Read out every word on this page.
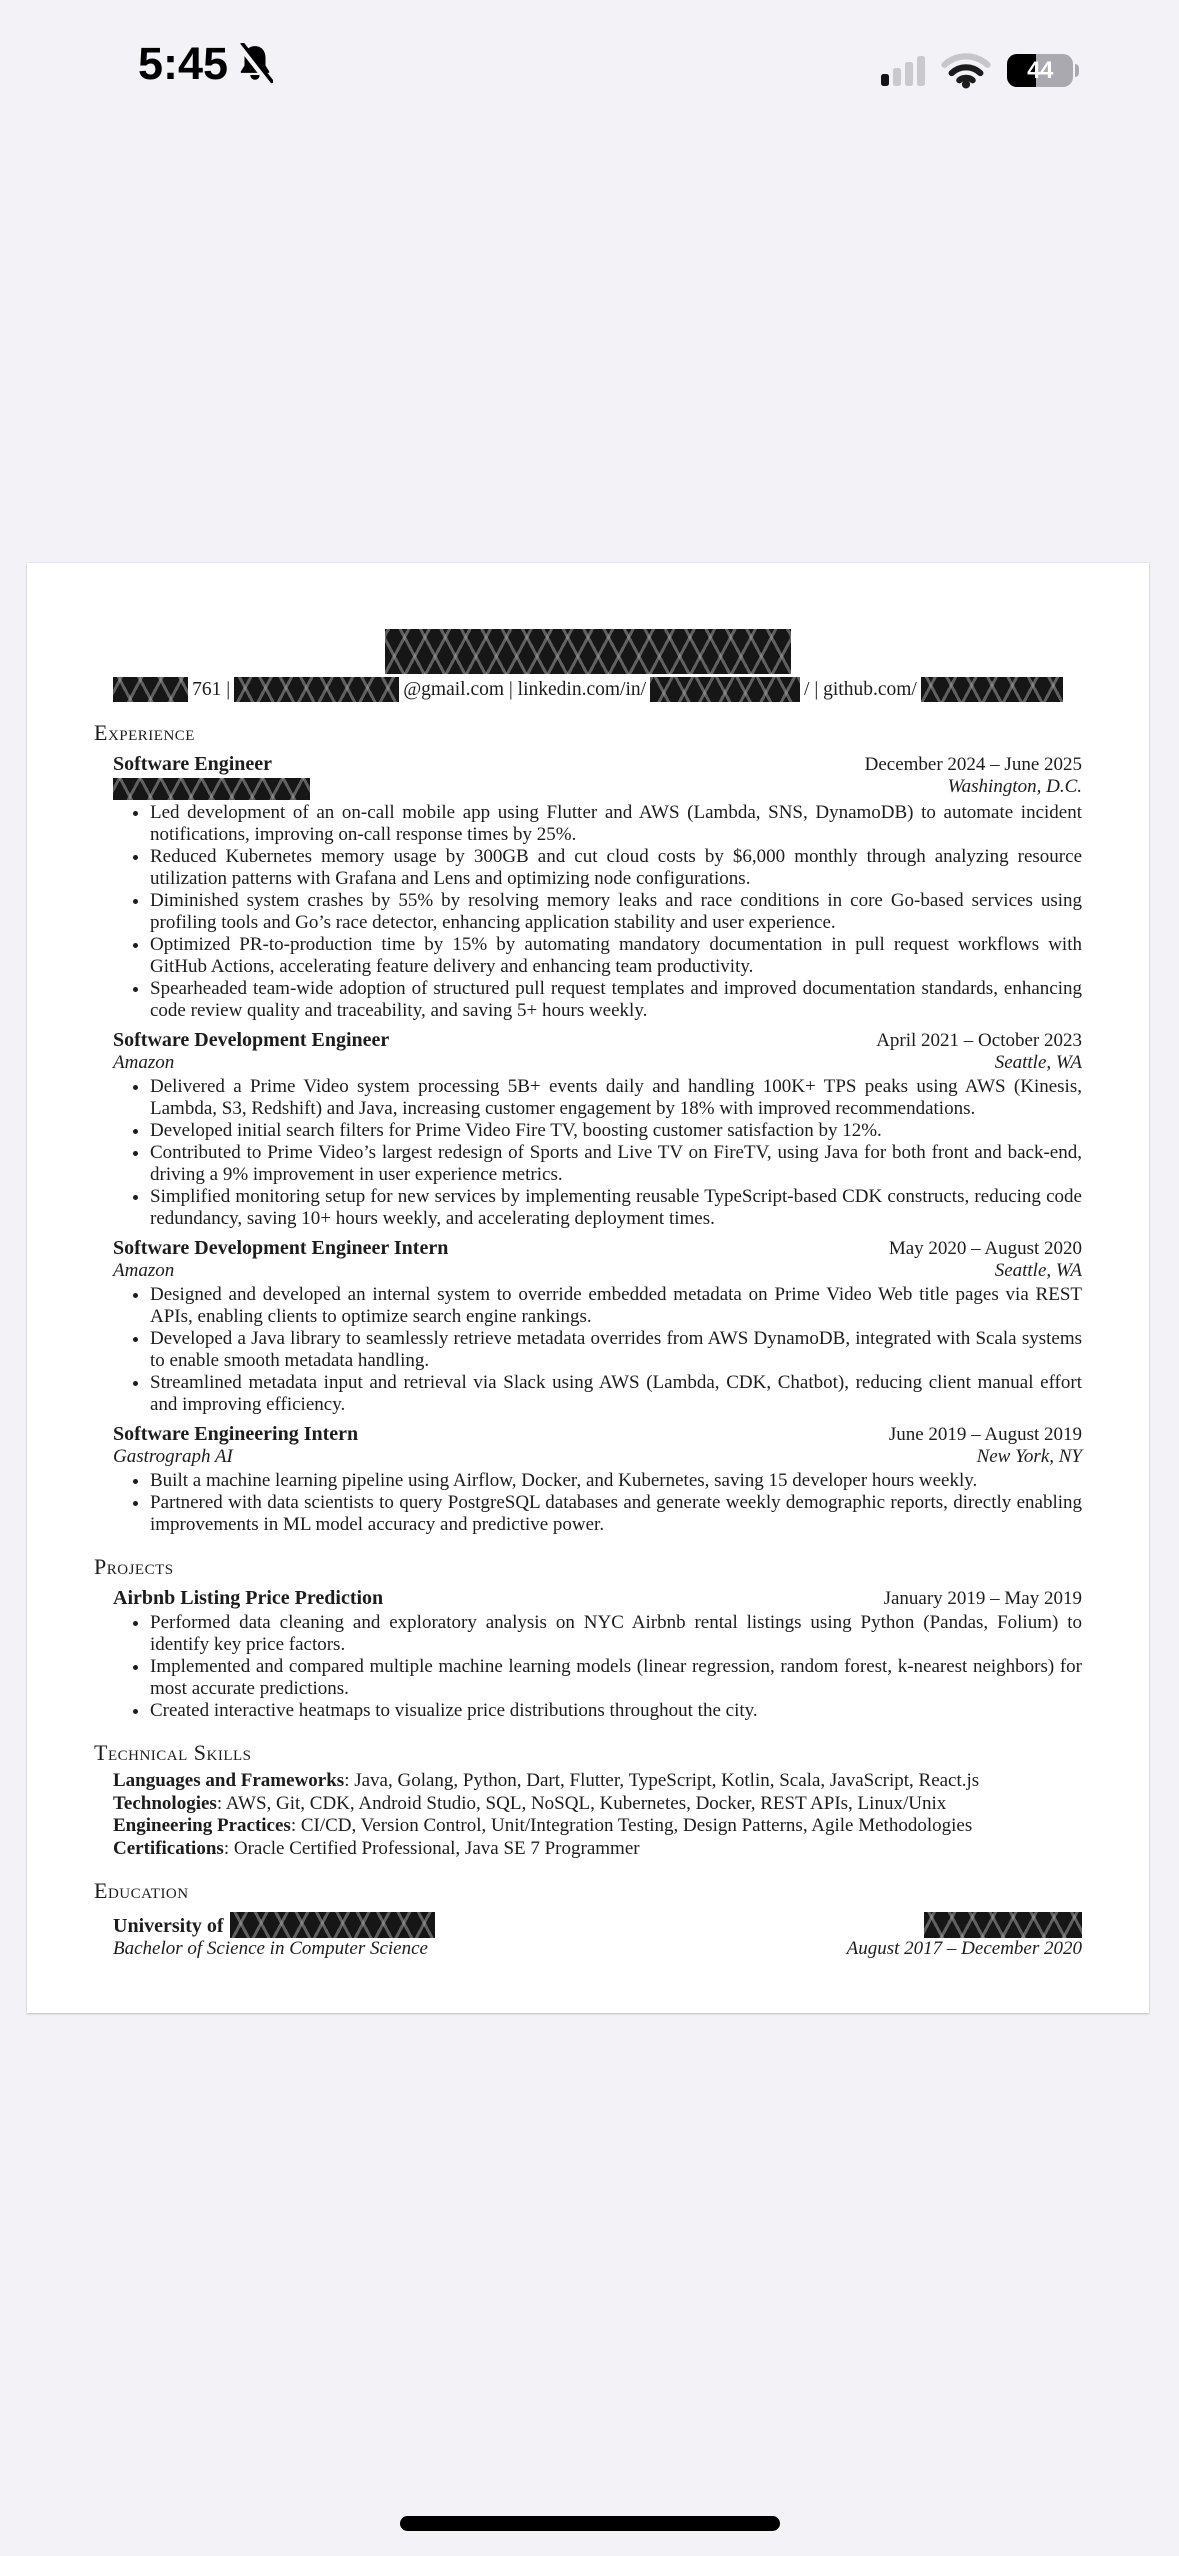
5:45	44
761 |	@gmail.com | linkedin.com/in/	/ | github.com/
Experience
Software Engineer	December 2024 – June 2025
Washington, D.C.
• Led development of an on-call mobile app using Flutter and AWS (Lambda, SNS, DynamoDB) to automate incident notifications, improving on-call response times by 25%.
• Reduced Kubernetes memory usage by 300GB and cut cloud costs by $6,000 monthly through analyzing resource utilization patterns with Grafana and Lens and optimizing node configurations.
• Diminished system crashes by 55% by resolving memory leaks and race conditions in core Go-based services using profiling tools and Go’s race detector, enhancing application stability and user experience.
• Optimized PR-to-production time by 15% by automating mandatory documentation in pull request workflows with GitHub Actions, accelerating feature delivery and enhancing team productivity.
• Spearheaded team-wide adoption of structured pull request templates and improved documentation standards, enhancing code review quality and traceability, and saving 5+ hours weekly.
Software Development Engineer	April 2021 – October 2023
Amazon	Seattle, WA
• Delivered a Prime Video system processing 5B+ events daily and handling 100K+ TPS peaks using AWS (Kinesis, Lambda, S3, Redshift) and Java, increasing customer engagement by 18% with improved recommendations.
• Developed initial search filters for Prime Video Fire TV, boosting customer satisfaction by 12%.
• Contributed to Prime Video’s largest redesign of Sports and Live TV on FireTV, using Java for both front and back-end, driving a 9% improvement in user experience metrics.
• Simplified monitoring setup for new services by implementing reusable TypeScript-based CDK constructs, reducing code redundancy, saving 10+ hours weekly, and accelerating deployment times.
Software Development Engineer Intern	May 2020 – August 2020
Amazon	Seattle, WA
• Designed and developed an internal system to override embedded metadata on Prime Video Web title pages via REST APIs, enabling clients to optimize search engine rankings.
• Developed a Java library to seamlessly retrieve metadata overrides from AWS DynamoDB, integrated with Scala systems to enable smooth metadata handling.
• Streamlined metadata input and retrieval via Slack using AWS (Lambda, CDK, Chatbot), reducing client manual effort and improving efficiency.
Software Engineering Intern	June 2019 – August 2019
Gastrograph AI	New York, NY
• Built a machine learning pipeline using Airflow, Docker, and Kubernetes, saving 15 developer hours weekly.
• Partnered with data scientists to query PostgreSQL databases and generate weekly demographic reports, directly enabling improvements in ML model accuracy and predictive power.
Projects
Airbnb Listing Price Prediction	January 2019 – May 2019
• Performed data cleaning and exploratory analysis on NYC Airbnb rental listings using Python (Pandas, Folium) to identify key price factors.
• Implemented and compared multiple machine learning models (linear regression, random forest, k-nearest neighbors) for most accurate predictions.
• Created interactive heatmaps to visualize price distributions throughout the city.
Technical Skills
Languages and Frameworks: Java, Golang, Python, Dart, Flutter, TypeScript, Kotlin, Scala, JavaScript, React.js
Technologies: AWS, Git, CDK, Android Studio, SQL, NoSQL, Kubernetes, Docker, REST APIs, Linux/Unix
Engineering Practices: CI/CD, Version Control, Unit/Integration Testing, Design Patterns, Agile Methodologies
Certifications: Oracle Certified Professional, Java SE 7 Programmer
Education
University of
Bachelor of Science in Computer Science	August 2017 – December 2020
